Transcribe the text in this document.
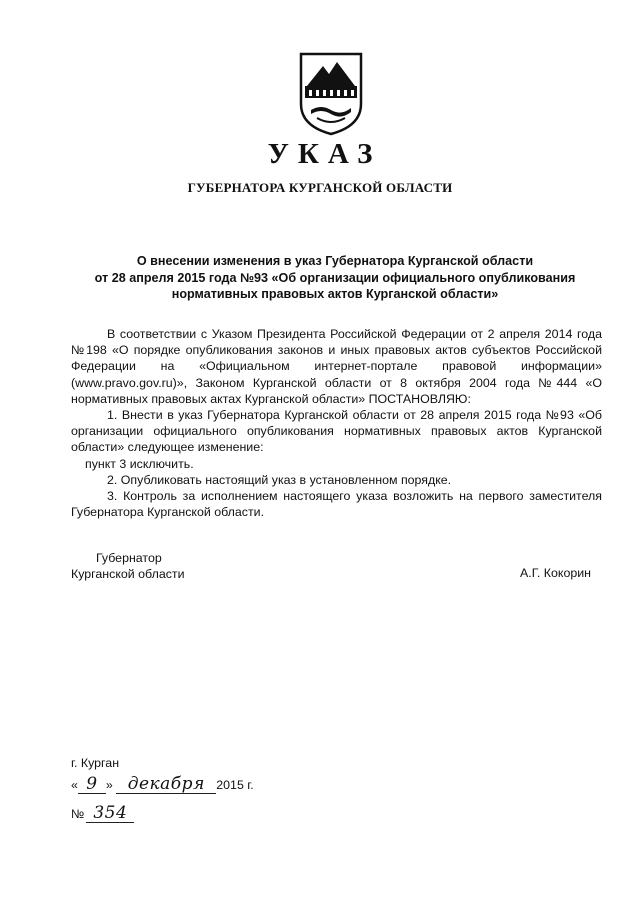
УКАЗ
ГУБЕРНАТОРА КУРГАНСКОЙ ОБЛАСТИ
О внесении изменения в указ Губернатора Курганской области
от 28 апреля 2015 года №93 «Об организации официального опубликования
нормативных правовых актов Курганской области»

В соответствии с Указом Президента Российской Федерации от 2 апреля 2014 года №198 «О порядке опубликования законов и иных правовых актов субъектов Российской Федерации на «Официальном интернет-портале правовой информации» (www.pravo.gov.ru)», Законом Курганской области от 8 октября 2004 года №444 «О нормативных правовых актах Курганской области» ПОСТАНОВЛЯЮ:

1. Внести в указ Губернатора Курганской области от 28 апреля 2015 года №93 «Об организации официального опубликования нормативных правовых актов Курганской области» следующее изменение:

пункт 3 исключить.

2. Опубликовать настоящий указ в установленном порядке.

3. Контроль за исполнением настоящего указа возложить на первого заместителя Губернатора Курганской области.

Губернатор
Курганской области	А.Г. Кокорин
г. Курган
« 9 » декабря 2015 г.
№ 354
